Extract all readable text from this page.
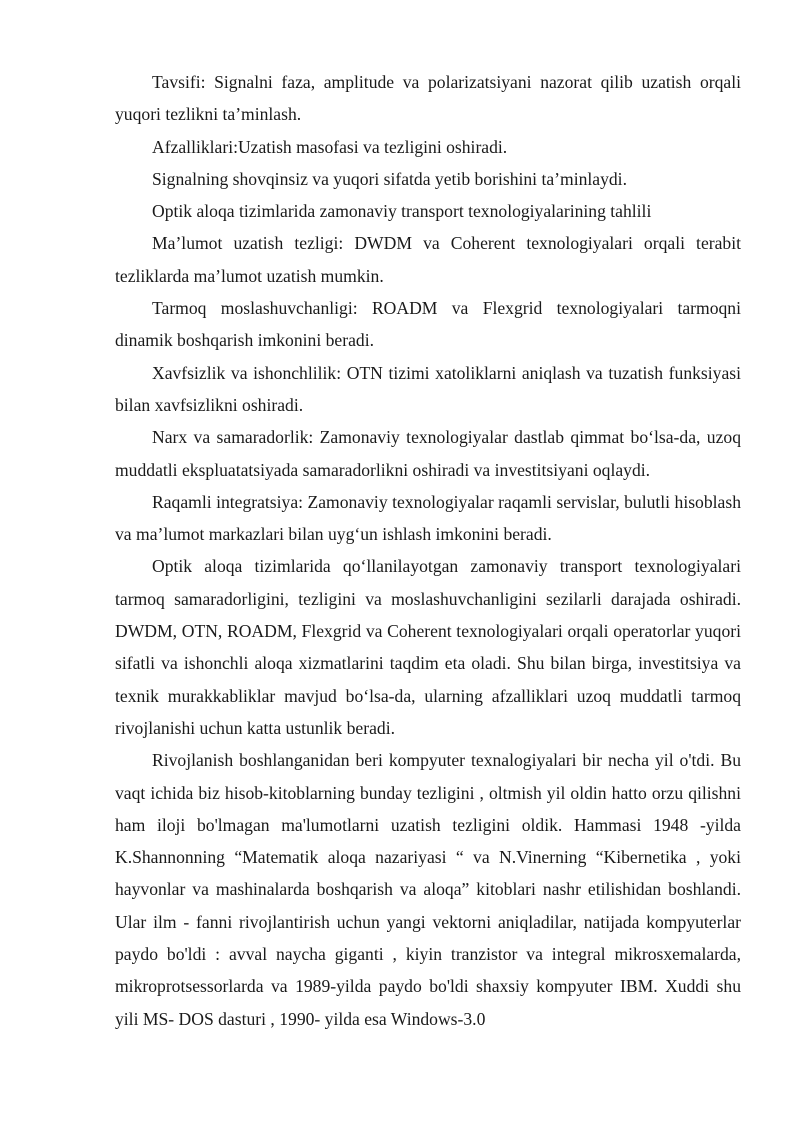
Tavsifi: Signalni faza, amplitude va polarizatsiyani nazorat qilib uzatish orqali yuqori tezlikni ta’minlash.

Afzalliklari:Uzatish masofasi va tezligini oshiradi.

Signalning shovqinsiz va yuqori sifatda yetib borishini ta’minlaydi.

Optik aloqa tizimlarida zamonaviy transport texnologiyalarining tahlili

Ma’lumot uzatish tezligi: DWDM va Coherent texnologiyalari orqali terabit tezliklarda ma’lumot uzatish mumkin.

Tarmoq moslashuvchanligi: ROADM va Flexgrid texnologiyalari tarmoqni dinamik boshqarish imkonini beradi.

Xavfsizlik va ishonchlilik: OTN tizimi xatoliklarni aniqlash va tuzatish funksiyasi bilan xavfsizlikni oshiradi.

Narx va samaradorlik: Zamonaviy texnologiyalar dastlab qimmat bo‘lsa-da, uzoq muddatli ekspluatatsiyada samaradorlikni oshiradi va investitsiyani oqlaydi.

Raqamli integratsiya: Zamonaviy texnologiyalar raqamli servislar, bulutli hisoblash va ma’lumot markazlari bilan uyg‘un ishlash imkonini beradi.

Optik aloqa tizimlarida qo‘llanilayotgan zamonaviy transport texnologiyalari tarmoq samaradorligini, tezligini va moslashuvchanligini sezilarli darajada oshiradi. DWDM, OTN, ROADM, Flexgrid va Coherent texnologiyalari orqali operatorlar yuqori sifatli va ishonchli aloqa xizmatlarini taqdim eta oladi. Shu bilan birga, investitsiya va texnik murakkabliklar mavjud bo‘lsa-da, ularning afzalliklari uzoq muddatli tarmoq rivojlanishi uchun katta ustunlik beradi.

Rivojlanish boshlanganidan beri kompyuter texnalogiyalari bir necha yil o'tdi. Bu vaqt ichida biz hisob-kitoblarning bunday tezligini , oltmish yil oldin hatto orzu qilishni ham iloji bo'lmagan ma'lumotlarni uzatish tezligini oldik. Hammasi 1948 -yilda K.Shannonning “Matematik aloqa nazariyasi “ va N.Vinerning “Kibernetika , yoki hayvonlar va mashinalarda boshqarish va aloqa” kitoblari nashr etilishidan boshlandi. Ular ilm - fanni rivojlantirish uchun yangi vektorni aniqladilar, natijada kompyuterlar paydo bo'ldi : avval naycha giganti , kiyin tranzistor va integral mikrosxemalarda, mikroprotsessorlarda va 1989-yilda paydo bo'ldi shaxsiy kompyuter IBM. Xuddi shu yili MS- DOS dasturi , 1990- yilda esa Windows-3.0
